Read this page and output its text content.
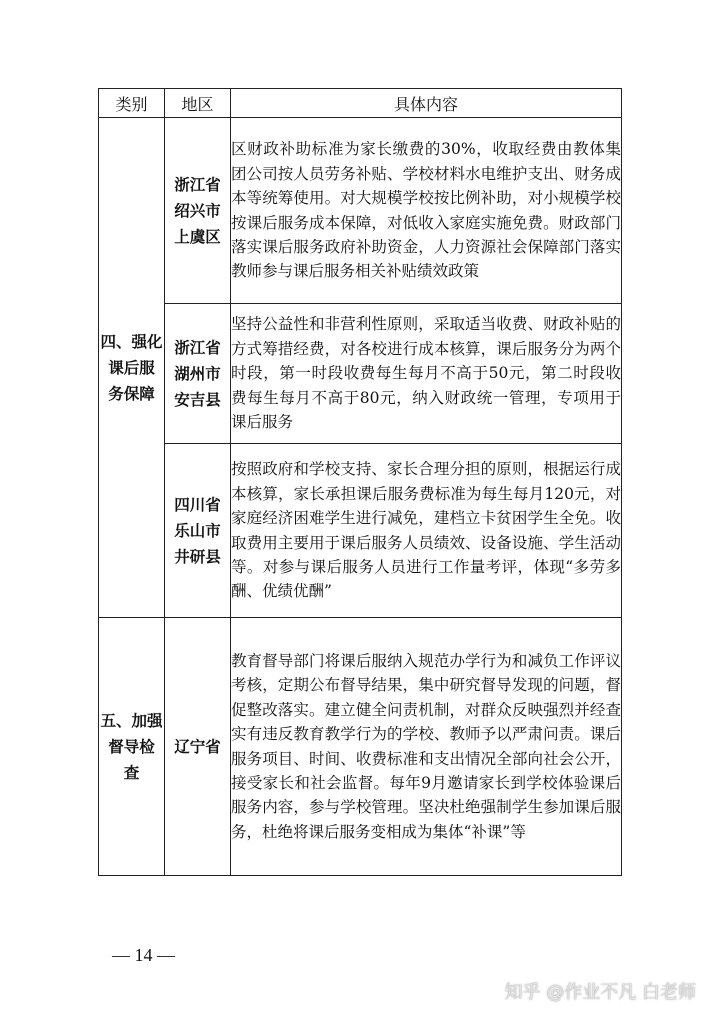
类别	地区	具体内容

四、强化
课后服
务保障	浙江省
绍兴市
上虞区	区财政补助标准为家长缴费的30%，收取经费由教体集团公司按人员劳务补贴、学校材料水电维护支出、财务成本等统筹使用。对大规模学校按比例补助，对小规模学校按课后服务成本保障，对低收入家庭实施免费。财政部门落实课后服务政府补助资金，人力资源社会保障部门落实教师参与课后服务相关补贴绩效政策

	浙江省
湖州市
安吉县	坚持公益性和非营利性原则，采取适当收费、财政补贴的方式筹措经费，对各校进行成本核算，课后服务分为两个时段，第一时段收费每生每月不高于50元，第二时段收费每生每月不高于80元，纳入财政统一管理，专项用于课后服务

	四川省
乐山市
井研县	按照政府和学校支持、家长合理分担的原则，根据运行成本核算，家长承担课后服务费标准为每生每月120元，对家庭经济困难学生进行减免，建档立卡贫困学生全免。收取费用主要用于课后服务人员绩效、设备设施、学生活动等。对参与课后服务人员进行工作量考评，体现“多劳多酬、优绩优酬”

五、加强
督导检
查	辽宁省	教育督导部门将课后服纳入规范办学行为和减负工作评议考核，定期公布督导结果，集中研究督导发现的问题，督促整改落实。建立健全问责机制，对群众反映强烈并经查实有违反教育教学行为的学校、教师予以严肃问责。课后服务项目、时间、收费标准和支出情况全部向社会公开，接受家长和社会监督。每年9月邀请家长到学校体验课后服务内容，参与学校管理。坚决杜绝强制学生参加课后服务，杜绝将课后服务变相成为集体“补课”等
— 14 —
知乎 @作业不凡 白老师
